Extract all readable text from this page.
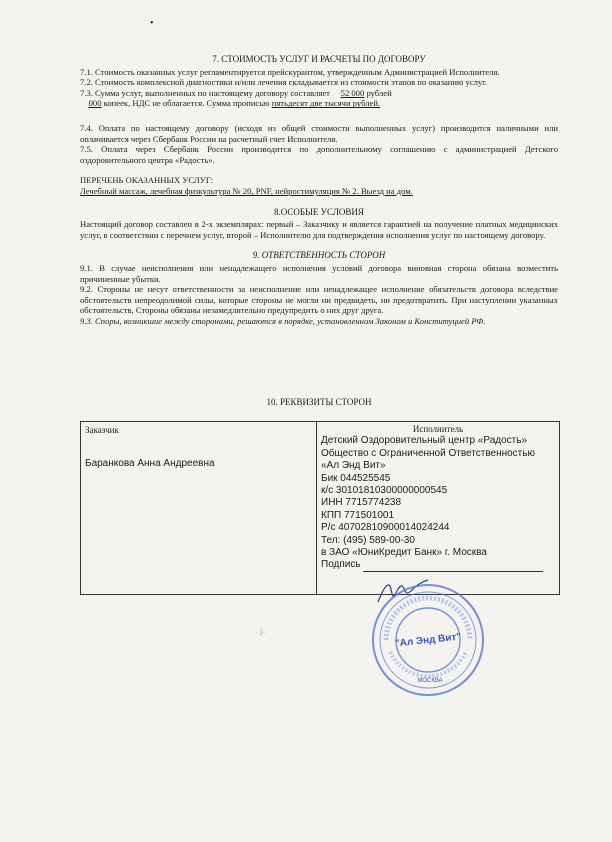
•
7. СТОИМОСТЬ УСЛУГ И РАСЧЕТЫ ПО ДОГОВОРУ

7.1. Стоимость оказанных услуг регламентируется прейскурантом, утвержденным Администрацией Исполнителя.

7.2. Стоимость комплексной диагностики и/или лечения складывается из стоимости этапов по оказанию услуг.

7.3. Сумма услуг, выполненных по настоящему договору составляет 52 000 рублей
000 копеек, НДС не облагается. Сумма прописью пятьдесят две тысячи рублей.

7.4. Оплата по настоящему договору (исходя из общей стоимости выполненных услуг) производится наличными или оплачивается через Сбербанк России на расчетный счет Исполнителя.

7.5. Оплата через Сбербанк России производится по дополнительному соглашению с администрацией Детского оздоровительного центра «Радость».

ПЕРЕЧЕНЬ ОКАЗАННЫХ УСЛУГ:

Лечебный массаж, лечебная физкультура № 20, PNF, нейростимуляция № 2. Выезд на дом.

8.ОСОБЫЕ УСЛОВИЯ

Настоящий договор составлен в 2-х экземплярах: первый – Заказчику и является гарантией на получение платных медицинских услуг, в соответствии с перечнем услуг, второй – Исполнителю для подтверждения исполнения услуг по настоящему договору.

9. ОТВЕТСТВЕННОСТЬ СТОРОН

9.1. В случае неисполнения или ненадлежащего исполнения условий договора виновная сторона обязана возместить причиненные убытки.

9.2. Стороны не несут ответственности за неисполнение или ненадлежащее исполнение обязательств договора вследствие обстоятельств непреодолимой силы, которые стороны не могли ни предвидеть, ни предотвратить. При наступлении указанных обстоятельств, Стороны обязаны незамедлительно предупредить о них друг друга.

9.3. Споры, возникшие между сторонами, решаются в порядке, установленном Законом и Конституцией РФ.

10. РЕКВИЗИТЫ СТОРОН
Заказчик
Баранкова Анна Андреевна
Исполнитель
Детский Оздоровительный центр «Радость»
Общество с Ограниченной Ответственностью
«Ал Энд Вит»
Бик 044525545
к/с 30101810300000000545
ИНН 7715774238
КПП 771501001
Р/с 40702810900014024244
Тел: (495) 589-00-30
в ЗАО «ЮниКредит Банк» г. Москва
Подпись
"Ал Энд Вит"
МОСКВА
-3-
